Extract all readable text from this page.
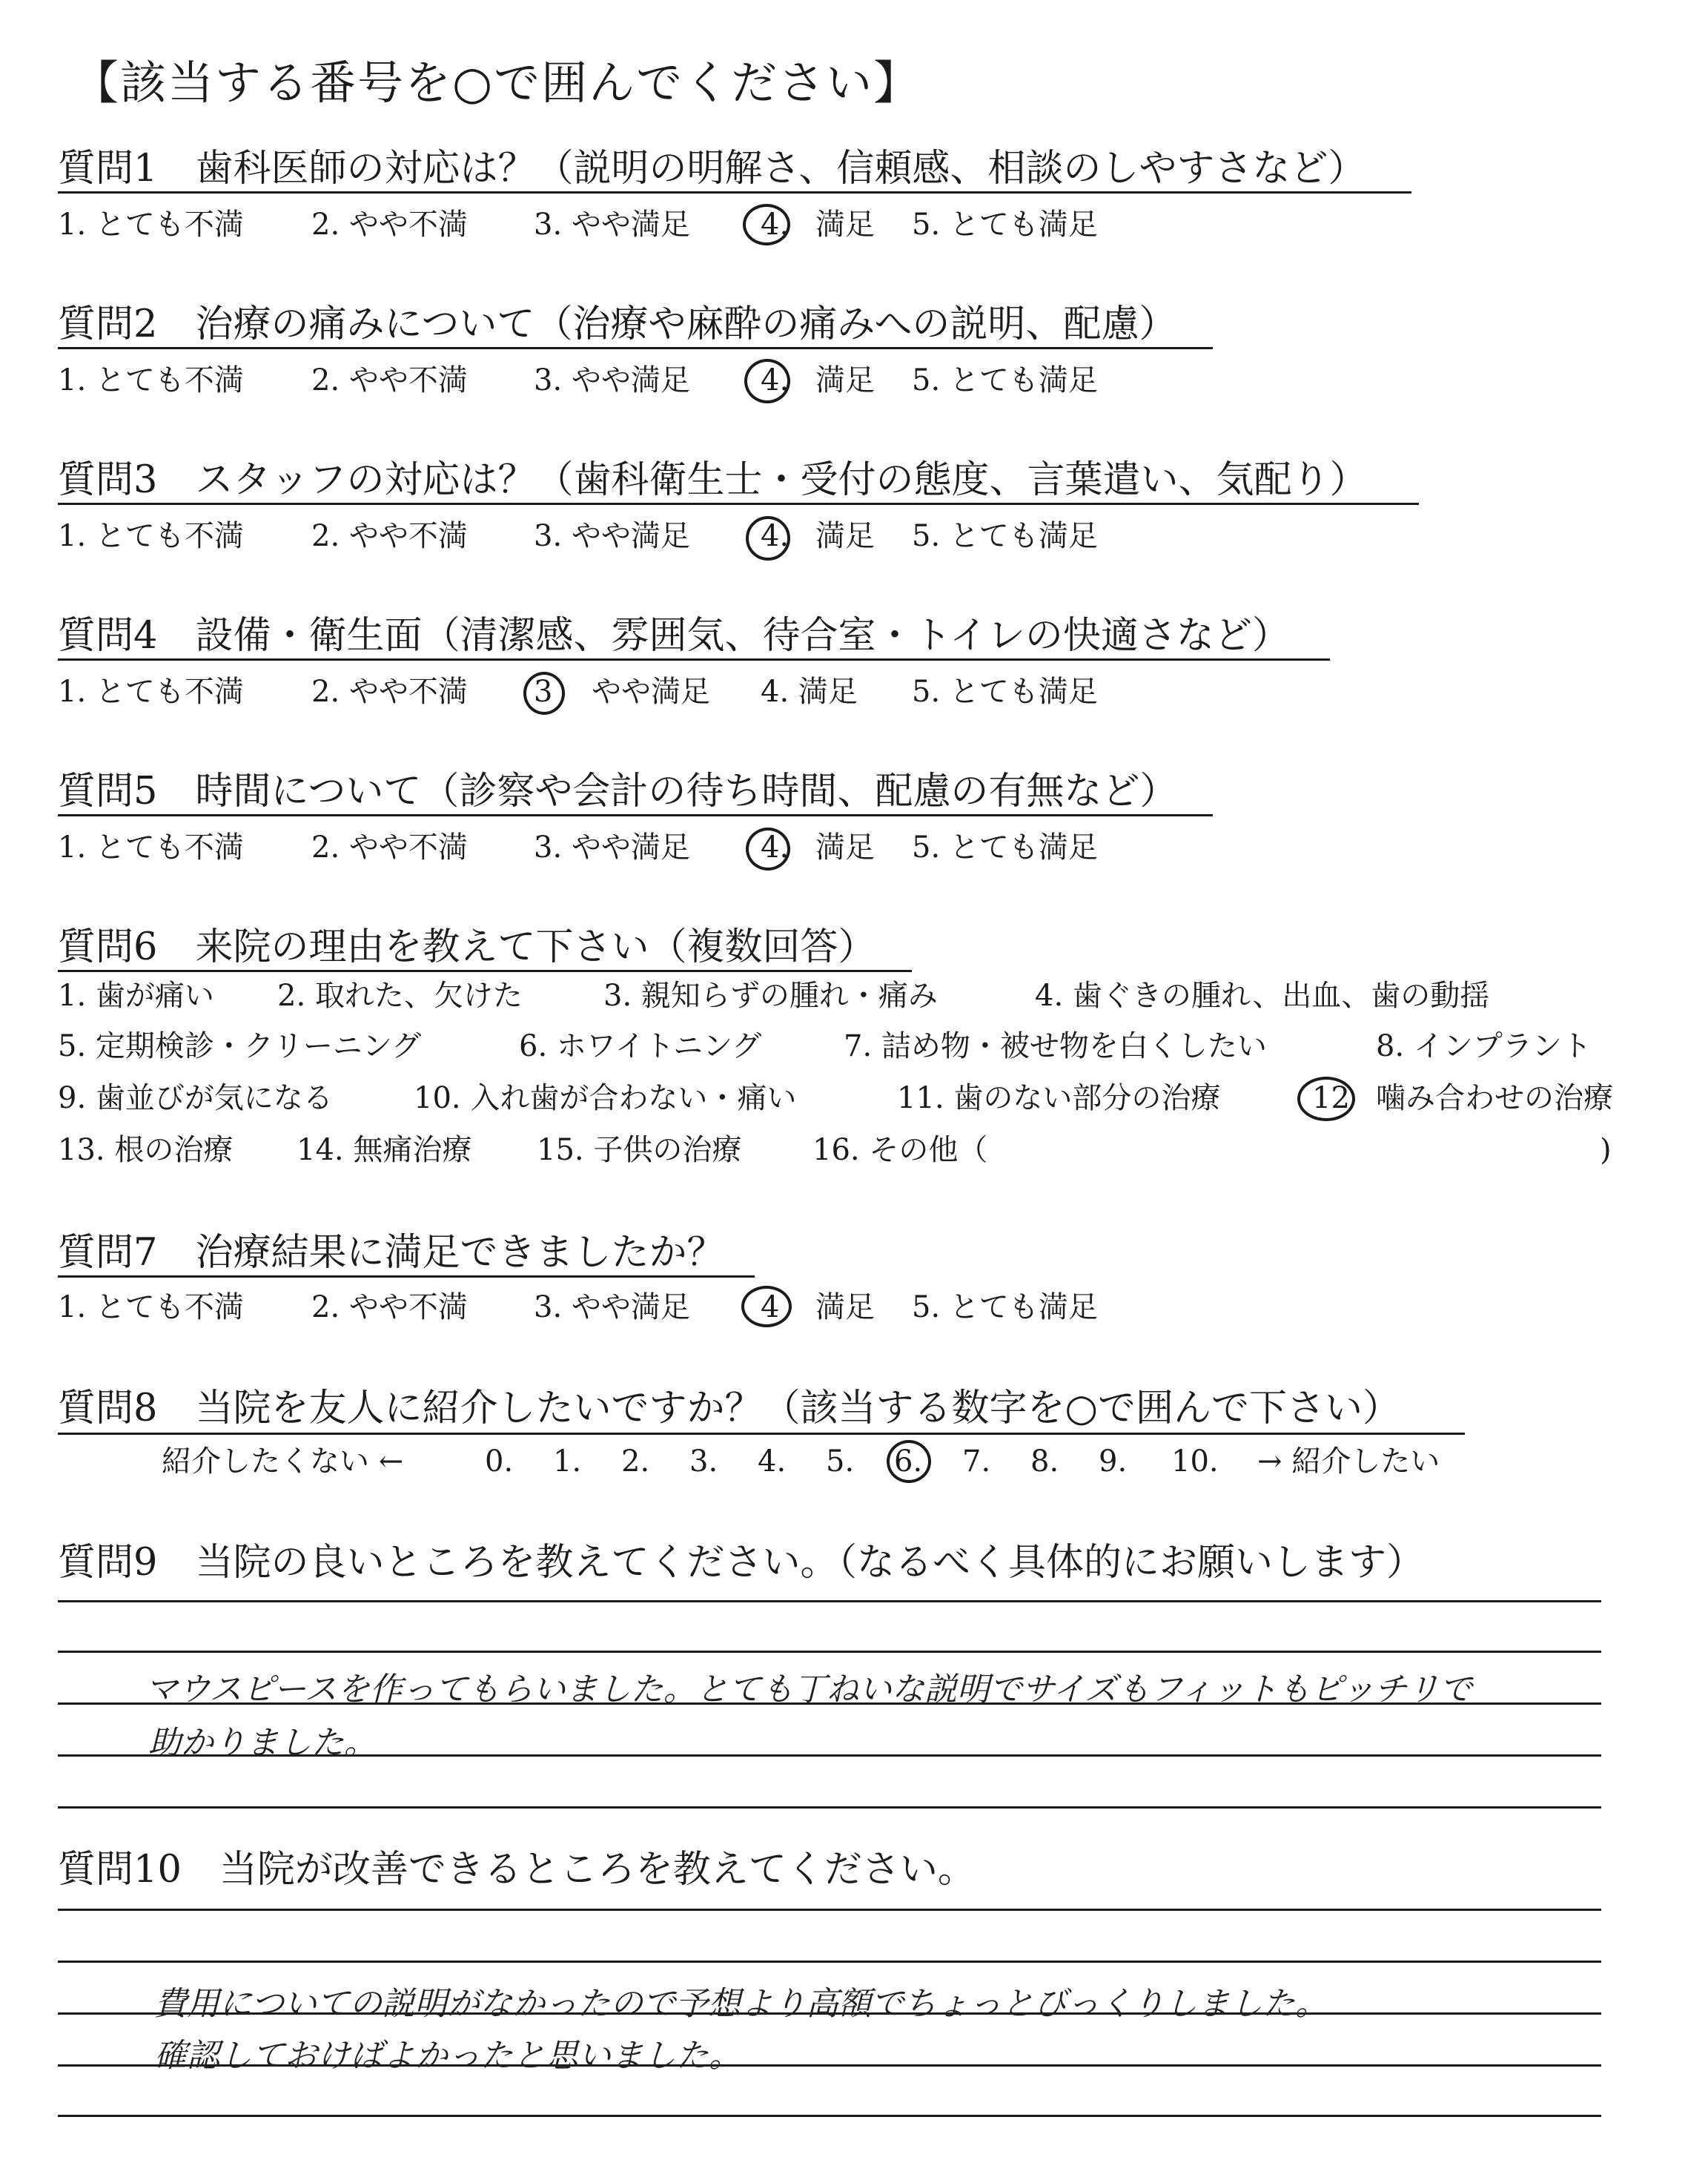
【該当する番号を○で囲んでください】
質問1　歯科医師の対応は？（説明の明解さ、信頼感、相談のしやすさなど）
1. とても不満 2. やや不満 3. やや満足 4. 満足 5. とても満足
質問2　治療の痛みについて（治療や麻酔の痛みへの説明、配慮）
1. とても不満 2. やや不満 3. やや満足 4. 満足 5. とても満足
質問3　スタッフの対応は？（歯科衛生士・受付の態度、言葉遣い、気配り）
1. とても不満 2. やや不満 3. やや満足 4. 満足 5. とても満足
質問4　設備・衛生面（清潔感、雰囲気、待合室・トイレの快適さなど）
1. とても不満 2. やや不満 3 やや満足 4. 満足 5. とても満足
質問5　時間について（診察や会計の待ち時間、配慮の有無など）
1. とても不満 2. やや不満 3. やや満足 4. 満足 5. とても満足
質問6　来院の理由を教えて下さい（複数回答）
1. 歯が痛い 2. 取れた、欠けた	3. 親知らずの腫れ・痛み	4. 歯ぐきの腫れ、出血、歯の動揺
5. 定期検診・クリーニング	6. ホワイトニング	7. 詰め物・被せ物を白くしたい	8. インプラント
9. 歯並びが気になる	10. 入れ歯が合わない・痛い	11. 歯のない部分の治療	12 噛み合わせの治療
13. 根の治療 14. 無痛治療 15. 子供の治療 16. その他（	)
質問7　治療結果に満足できましたか？
1. とても不満 2. やや不満 3. やや満足 4 満足 5. とても満足
質問8　当院を友人に紹介したいですか？（該当する数字を○で囲んで下さい）
紹介したくない ←	0. 1. 2. 3. 4. 5. 6. 7. 8. 9. 10. → 紹介したい
質問9　当院の良いところを教えてください。（なるべく具体的にお願いします）
マウスピースを作ってもらいました。とても丁ねいな説明でサイズもフィットもピッチリで
助かりました。
質問10　当院が改善できるところを教えてください。
費用についての説明がなかったので予想より高額でちょっとびっくりしました。
確認しておけばよかったと思いました。
